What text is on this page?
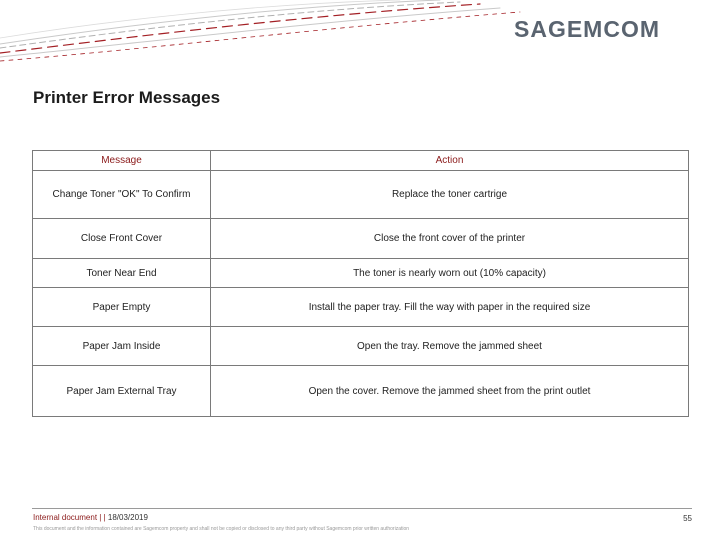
SAGEMCOM
Printer Error Messages
Message	Action
Change Toner "OK" To Confirm	Replace the toner cartrige
Close Front Cover	Close the front cover of the printer
Toner Near End	The toner is nearly worn out (10% capacity)
Paper Empty	Install the paper tray. Fill the way with paper in the required size
Paper Jam Inside	Open the tray. Remove the jammed sheet
Paper Jam External Tray	Open the cover. Remove the jammed sheet from the print outlet
Internal document | | 18/03/2019
This document and the information contained are Sagemcom property and shall not be copied or disclosed to any third party without Sagemcom prior written authorization
55
